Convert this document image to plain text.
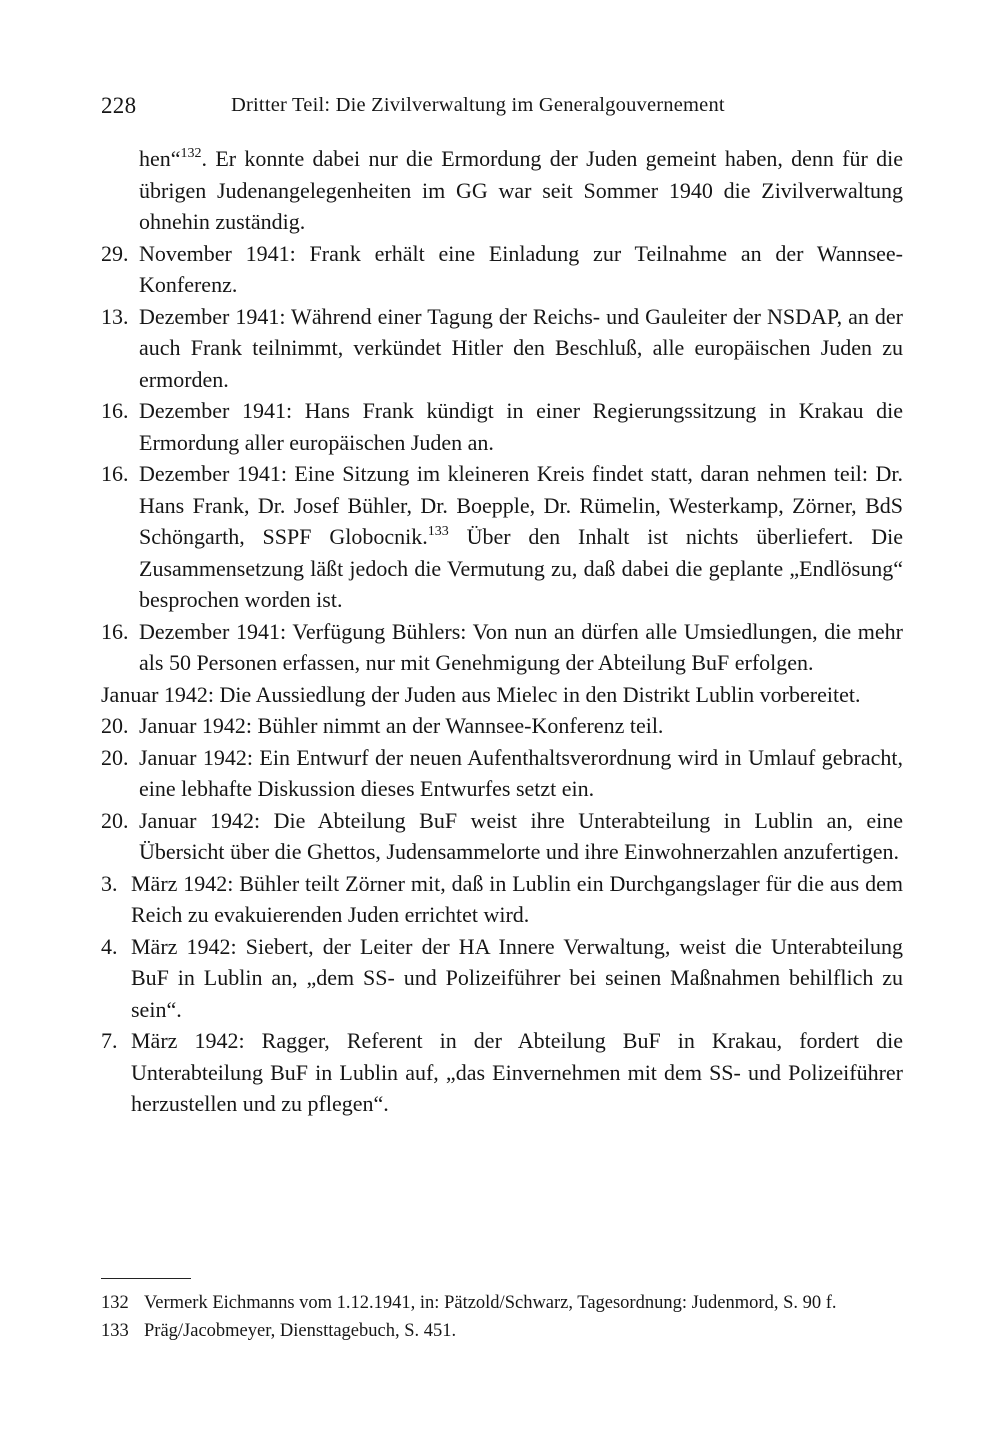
228	Dritter Teil: Die Zivilverwaltung im Generalgouvernement
hen“$^{132}$. Er konnte dabei nur die Ermordung der Juden gemeint haben, denn für die übrigen Judenangelegenheiten im GG war seit Sommer 1940 die Zivilverwaltung ohnehin zuständig.
29. November 1941: Frank erhält eine Einladung zur Teilnahme an der Wannsee-Konferenz.
13. Dezember 1941: Während einer Tagung der Reichs- und Gauleiter der NSDAP, an der auch Frank teilnimmt, verkündet Hitler den Beschluß, alle europäischen Juden zu ermorden.
16. Dezember 1941: Hans Frank kündigt in einer Regierungssitzung in Krakau die Ermordung aller europäischen Juden an.
16. Dezember 1941: Eine Sitzung im kleineren Kreis findet statt, daran nehmen teil: Dr. Hans Frank, Dr. Josef Bühler, Dr. Boepple, Dr. Rümelin, Westerkamp, Zörner, BdS Schöngarth, SSPF Globocnik.$^{133}$ Über den Inhalt ist nichts überliefert. Die Zusammensetzung läßt jedoch die Vermutung zu, daß dabei die geplante „Endlösung“ besprochen worden ist.
16. Dezember 1941: Verfügung Bühlers: Von nun an dürfen alle Umsiedlungen, die mehr als 50 Personen erfassen, nur mit Genehmigung der Abteilung BuF erfolgen.
Januar 1942: Die Aussiedlung der Juden aus Mielec in den Distrikt Lublin vorbereitet.
20. Januar 1942: Bühler nimmt an der Wannsee-Konferenz teil.
20. Januar 1942: Ein Entwurf der neuen Aufenthaltsverordnung wird in Umlauf gebracht, eine lebhafte Diskussion dieses Entwurfes setzt ein.
20. Januar 1942: Die Abteilung BuF weist ihre Unterabteilung in Lublin an, eine Übersicht über die Ghettos, Judensammelorte und ihre Einwohnerzahlen anzufertigen.
3. März 1942: Bühler teilt Zörner mit, daß in Lublin ein Durchgangslager für die aus dem Reich zu evakuierenden Juden errichtet wird.
4. März 1942: Siebert, der Leiter der HA Innere Verwaltung, weist die Unterabteilung BuF in Lublin an, „dem SS- und Polizeiführer bei seinen Maßnahmen behilflich zu sein“.
7. März 1942: Ragger, Referent in der Abteilung BuF in Krakau, fordert die Unterabteilung BuF in Lublin auf, „das Einvernehmen mit dem SS- und Polizeiführer herzustellen und zu pflegen“.
132 Vermerk Eichmanns vom 1.12.1941, in: Pätzold/Schwarz, Tagesordnung: Judenmord, S. 90 f.
133 Präg/Jacobmeyer, Diensttagebuch, S. 451.
